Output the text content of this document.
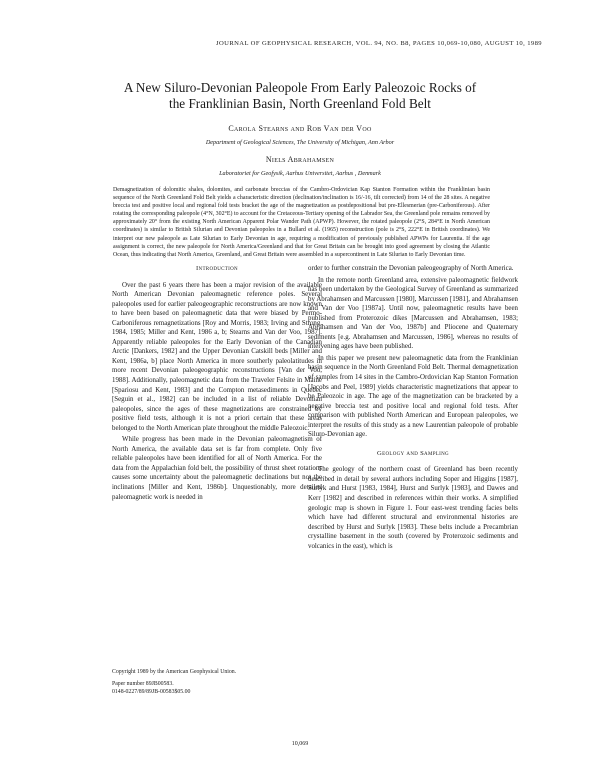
JOURNAL OF GEOPHYSICAL RESEARCH, VOL. 94, NO. B8, PAGES 10,069-10,080, AUGUST 10, 1989
A New Siluro-Devonian Paleopole From Early Paleozoic Rocks of
the Franklinian Basin, North Greenland Fold Belt
Carola Stearns and Rob Van der Voo
Department of Geological Sciences, The University of Michigan, Ann Arbor
Niels Abrahamsen
Laboratoriet for Geofysik, Aarhus Universitet, Aarhus , Denmark
Demagnetization of dolomitic shales, dolomites, and carbonate breccias of the Cambro-Ordovician Kap Stanton Formation within the Franklinian basin sequence of the North Greenland Fold Belt yields a characteristic direction (declination/inclination is 16/-16, tilt corrected) from 14 of the 28 sites. A negative breccia test and positive local and regional fold tests bracket the age of the magnetization as postdepositional but pre-Ellesmerian (pre-Carboniferous). After rotating the corresponding paleopole (4°N, 302°E) to account for the Cretaceous-Tertiary opening of the Labrador Sea, the Greenland pole remains removed by approximately 20° from the existing North American Apparent Polar Wander Path (APWP). However, the rotated paleopole (2°S, 284°E in North American coordinates) is similar to British Silurian and Devonian paleopoles in a Bullard et al. (1965) reconstruction (pole is 2°S, 222°E in British coordinates). We interpret our new paleopole as Late Silurian to Early Devonian in age, requiring a modification of previously published APWPs for Laurentia. If the age assignment is correct, the new paleopole for North America/Greenland and that for Great Britain can be brought into good agreement by closing the Atlantic Ocean, thus indicating that North America, Greenland, and Great Britain were assembled in a supercontinent in Late Silurian to Early Devonian time.
Introduction

Over the past 6 years there has been a major revision of the available North American Devonian paleomagnetic reference poles. Several paleopoles used for earlier paleogeographic reconstructions are now known to have been based on paleomagnetic data that were biased by Permo-Carboniferous remagnetizations [Roy and Morris, 1983; Irving and Strong, 1984, 1985; Miller and Kent, 1986 a, b; Stearns and Van der Voo, 1987]. Apparently reliable paleopoles for the Early Devonian of the Canadian Arctic [Dankers, 1982] and the Upper Devonian Catskill beds [Miller and Kent, 1986a, b] place North America in more southerly paleolatitudes in more recent Devonian paleogeographic reconstructions [Van der Voo, 1988]. Additionally, paleomagnetic data from the Traveler Felsite in Maine [Spariosu and Kent, 1983] and the Compton metasediments in Quebec [Seguin et al., 1982] can be included in a list of reliable Devonian paleopoles, since the ages of these magnetizations are constrained by positive field tests, although it is not a priori certain that these areas belonged to the North American plate throughout the middle Paleozoic.

While progress has been made in the Devonian paleomagnetism of North America, the available data set is far from complete. Only five reliable paleopoles have been identified for all of North America. For the data from the Appalachian fold belt, the possibility of thrust sheet rotations causes some uncertainty about the paleomagnetic declinations but not the inclinations [Miller and Kent, 1986b]. Unquestionably, more detailed paleomagnetic work is needed in

order to further constrain the Devonian paleogeography of North America.

In the remote north Greenland area, extensive paleomagnetic fieldwork has been undertaken by the Geological Survey of Greenland as summarized by Abrahamsen and Marcussen [1980], Marcussen [1981], and Abrahamsen and Van der Voo [1987a]. Until now, paleomagnetic results have been published from Proterozoic dikes [Marcussen and Abrahamsen, 1983; Abrahamsen and Van der Voo, 1987b] and Pliocene and Quaternary sediments [e.g. Abrahamsen and Marcussen, 1986], whereas no results of intervening ages have been published.

In this paper we present new paleomagnetic data from the Franklinian basin sequence in the North Greenland Fold Belt. Thermal demagnetization of samples from 14 sites in the Cambro-Ordovician Kap Stanton Formation [Jacobs and Peel, 1989] yields characteristic magnetizations that appear to be Paleozoic in age. The age of the magnetization can be bracketed by a negative breccia test and positive local and regional fold tests. After comparison with published North American and European paleopoles, we interpret the results of this study as a new Laurentian paleopole of probable Siluro-Devonian age.

Geology and Sampling

The geology of the northern coast of Greenland has been recently described in detail by several authors including Soper and Higgins [1987], Surlyk and Hurst [1983, 1984], Hurst and Surlyk [1983], and Dawes and Kerr [1982] and described in references within their works. A simplified geologic map is shown in Figure 1. Four east-west trending facies belts which have had different structural and environmental histories are described by Hurst and Surlyk [1983]. These belts include a Precambrian crystalline basement in the south (covered by Proterozoic sediments and volcanics in the east), which is

Copyright 1989 by the American Geophysical Union.
Paper number 89JB00583.
0148-0227/89/89JB-00583$05.00
10,069
